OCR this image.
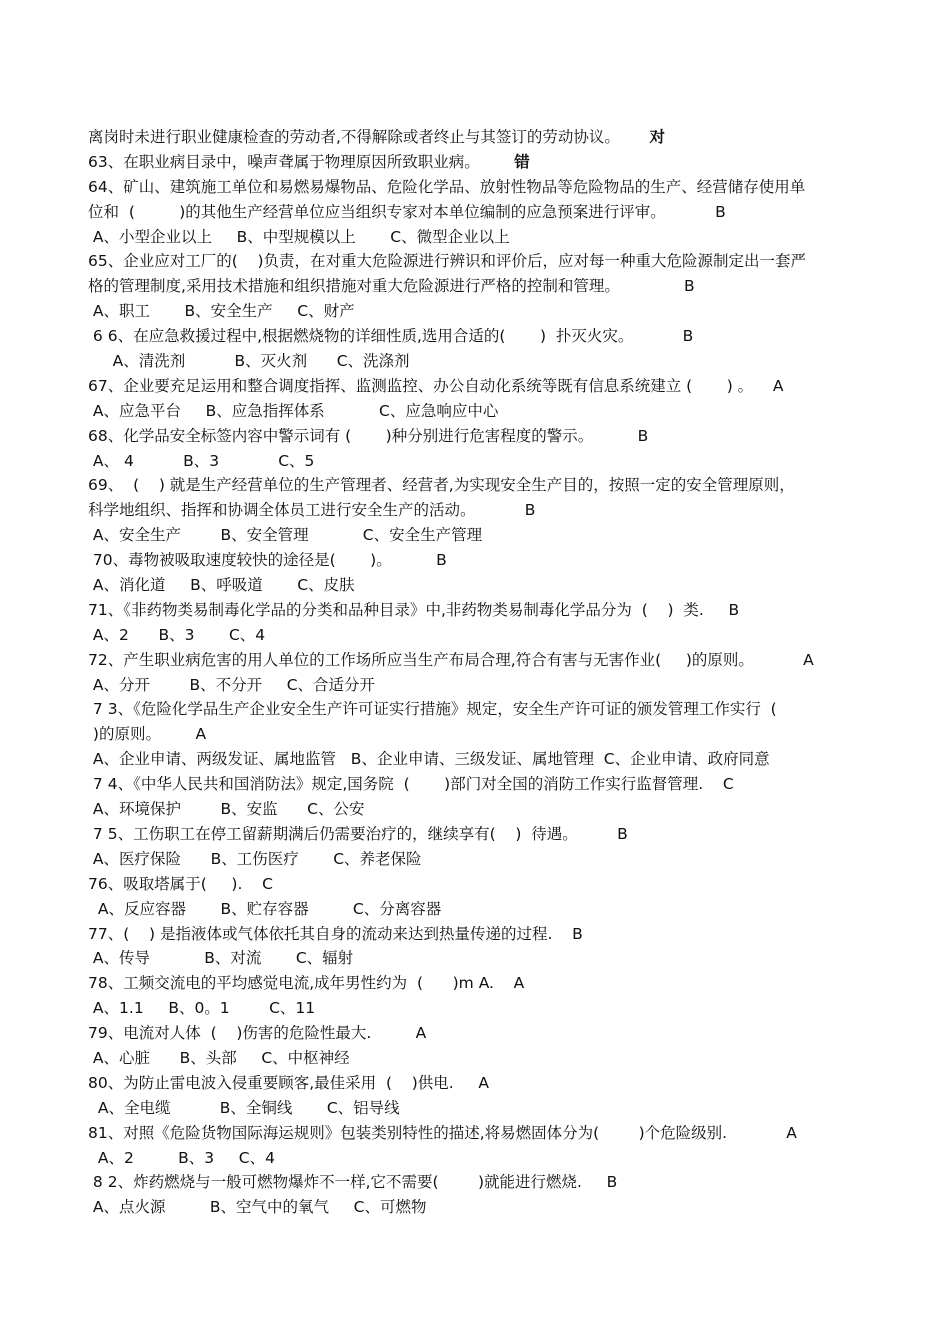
离岗时未进行职业健康检查的劳动者,不得解除或者终止与其签订的劳动协议。 对
63、在职业病目录中，噪声聋属于物理原因所致职业病。 错
64、矿山、建筑施工单位和易燃易爆物品、危险化学品、放射性物品等危险物品的生产、经营储存使用单
位和  (         )的其他生产经营单位应当组织专家对本单位编制的应急预案进行评审。          B
A、小型企业以上     B、中型规模以上       C、微型企业以上
65、企业应对工厂的(    )负责，在对重大危险源进行辨识和评价后，应对每一种重大危险源制定出一套严
格的管理制度,采用技术措施和组织措施对重大危险源进行严格的控制和管理。             B
A、职工       B、安全生产     C、财产
6 6、在应急救援过程中,根据燃烧物的详细性质,选用合适的(       )  扑灭火灾。          B
A、清洗剂          B、灭火剂      C、洗涤剂
67、企业要充足运用和整合调度指挥、监测监控、办公自动化系统等既有信息系统建立 (       ) 。    A
A、应急平台     B、应急指挥体系           C、应急响应中心
68、化学品安全标签内容中警示词有 (       )种分别进行危害程度的警示。         B
A、 4          B、3            C、5
69、  (    ) 就是生产经营单位的生产管理者、经营者,为实现安全生产目的，按照一定的安全管理原则，
科学地组织、指挥和协调全体员工进行安全生产的活动。          B
A、安全生产        B、安全管理           C、安全生产管理
70、毒物被吸取速度较快的途径是(       )。         B
A、消化道     B、呼吸道       C、皮肤
71、《非药物类易制毒化学品的分类和品种目录》中,非药物类易制毒化学品分为  (    )  类.     B
A、2      B、3       C、4
72、产生职业病危害的用人单位的工作场所应当生产布局合理,符合有害与无害作业(     )的原则。          A
A、分开        B、不分开     C、合适分开
7 3、《危险化学品生产企业安全生产许可证实行措施》规定，安全生产许可证的颁发管理工作实行  (
)的原则。       A
A、企业申请、两级发证、属地监管   B、企业申请、三级发证、属地管理  C、企业申请、政府同意
7 4、《中华人民共和国消防法》规定,国务院  (       )部门对全国的消防工作实行监督管理.    C
A、环境保护        B、安监      C、公安
7 5、工伤职工在停工留薪期满后仍需要治疗的，继续享有(    )  待遇。        B
A、医疗保险      B、工伤医疗       C、养老保险
76、吸取塔属于(     ).    C
A、反应容器       B、贮存容器         C、分离容器
77、(    ) 是指液体或气体依托其自身的流动来达到热量传递的过程.    B
A、传导           B、对流       C、辐射
78、工频交流电的平均感觉电流,成年男性约为  (      )m A.    A
A、1.1     B、0。1        C、11
79、电流对人体  (    )伤害的危险性最大.         A
A、心脏      B、头部     C、中枢神经
80、为防止雷电波入侵重要顾客,最佳采用  (    )供电.     A
A、全电缆          B、全铜线       C、铝导线
81、对照《危险货物国际海运规则》包装类别特性的描述,将易燃固体分为(        )个危险级别.            A
A、2         B、3     C、4
8 2、炸药燃烧与一般可燃物爆炸不一样,它不需要(        )就能进行燃烧.     B
A、点火源         B、空气中的氧气     C、可燃物
